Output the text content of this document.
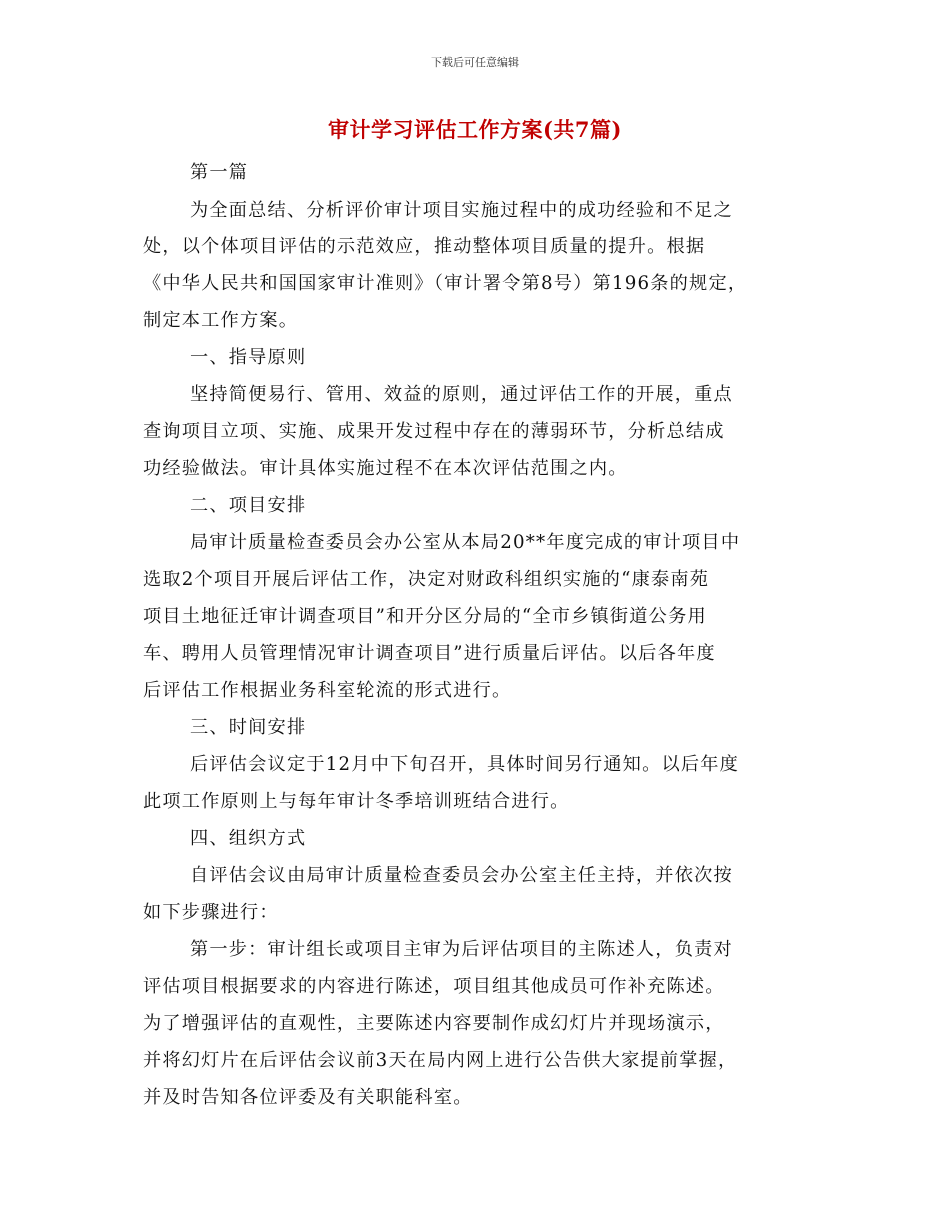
下载后可任意编辑
审计学习评估工作方案(共7篇)
第一篇
为全面总结、分析评价审计项目实施过程中的成功经验和不足之
处，以个体项目评估的示范效应，推动整体项目质量的提升。根据
《中华人民共和国国家审计准则》（审计署令第8号）第196条的规定，
制定本工作方案。
一、指导原则
坚持简便易行、管用、效益的原则，通过评估工作的开展，重点
查询项目立项、实施、成果开发过程中存在的薄弱环节，分析总结成
功经验做法。审计具体实施过程不在本次评估范围之内。
二、项目安排
局审计质量检查委员会办公室从本局20**年度完成的审计项目中
选取2个项目开展后评估工作，决定对财政科组织实施的“康泰南苑
项目土地征迁审计调查项目”和开分区分局的“全市乡镇街道公务用
车、聘用人员管理情况审计调查项目”进行质量后评估。以后各年度
后评估工作根据业务科室轮流的形式进行。
三、时间安排
后评估会议定于12月中下旬召开，具体时间另行通知。以后年度
此项工作原则上与每年审计冬季培训班结合进行。
四、组织方式
自评估会议由局审计质量检查委员会办公室主任主持，并依次按
如下步骤进行：
第一步：审计组长或项目主审为后评估项目的主陈述人，负责对
评估项目根据要求的内容进行陈述，项目组其他成员可作补充陈述。
为了增强评估的直观性，主要陈述内容要制作成幻灯片并现场演示，
并将幻灯片在后评估会议前3天在局内网上进行公告供大家提前掌握，
并及时告知各位评委及有关职能科室。
